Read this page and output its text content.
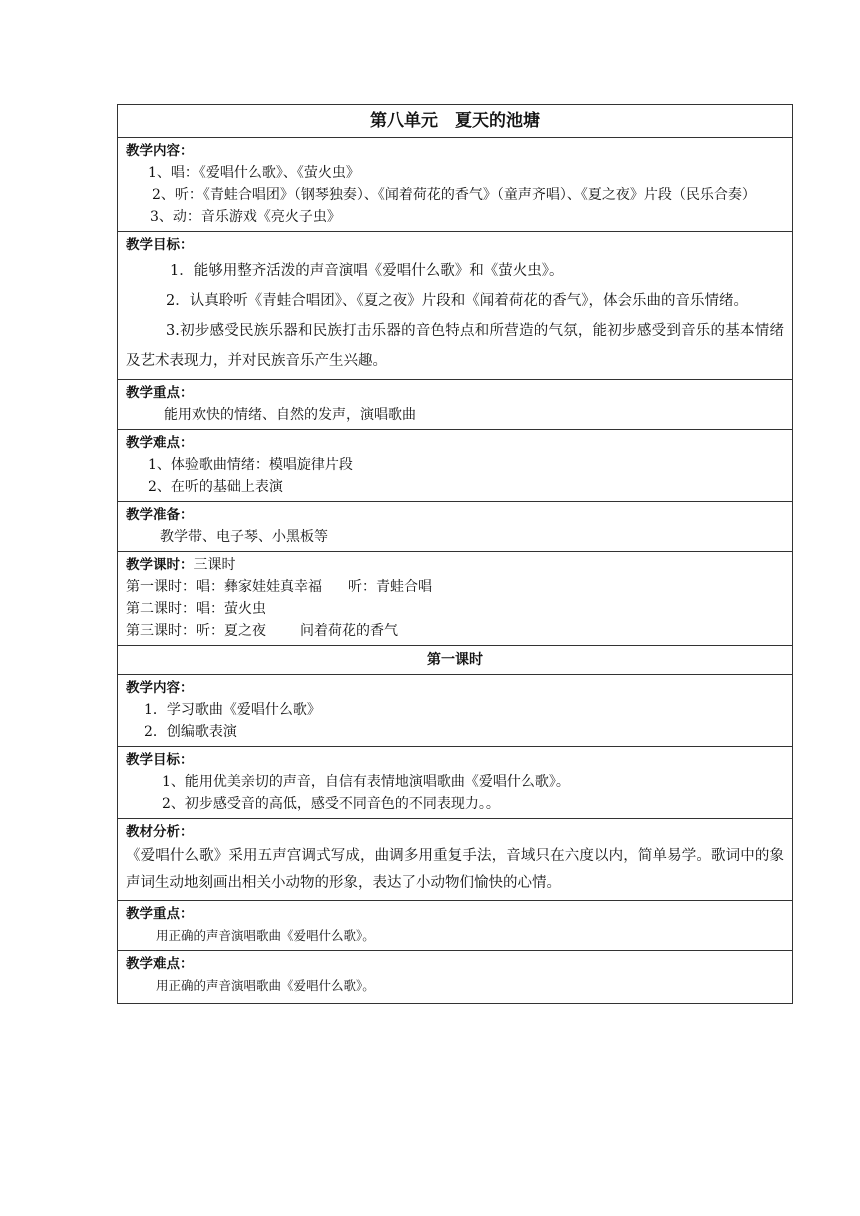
第八单元　夏天的池塘
教学内容：
1、唱：《爱唱什么歌》、《萤火虫》
2、听：《青蛙合唱团》（钢琴独奏）、《闻着荷花的香气》（童声齐唱）、《夏之夜》片段（民乐合奏）
3、动：音乐游戏《亮火子虫》
教学目标：
1．能够用整齐活泼的声音演唱《爱唱什么歌》和《萤火虫》。
2．认真聆听《青蛙合唱团》、《夏之夜》片段和《闻着荷花的香气》，体会乐曲的音乐情绪。
3.初步感受民族乐器和民族打击乐器的音色特点和所营造的气氛，能初步感受到音乐的基本情绪及艺术表现力，并对民族音乐产生兴趣。
教学重点：
能用欢快的情绪、自然的发声，演唱歌曲
教学难点：
1、体验歌曲情绪：模唱旋律片段
2、在听的基础上表演
教学准备：
教学带、电子琴、小黑板等
教学课时：三课时
第一课时：唱：彝家娃娃真幸福 听：青蛙合唱
第二课时：唱：萤火虫
第三课时：听：夏之夜 问着荷花的香气
第一课时
教学内容：
1．学习歌曲《爱唱什么歌》
2．创编歌表演
教学目标：
1、能用优美亲切的声音，自信有表情地演唱歌曲《爱唱什么歌》。
2、初步感受音的高低，感受不同音色的不同表现力。。
教材分析：
《爱唱什么歌》采用五声宫调式写成，曲调多用重复手法，音域只在六度以内，简单易学。歌词中的象声词生动地刻画出相关小动物的形象，表达了小动物们愉快的心情。
教学重点：
用正确的声音演唱歌曲《爱唱什么歌》。
教学难点：
用正确的声音演唱歌曲《爱唱什么歌》。
